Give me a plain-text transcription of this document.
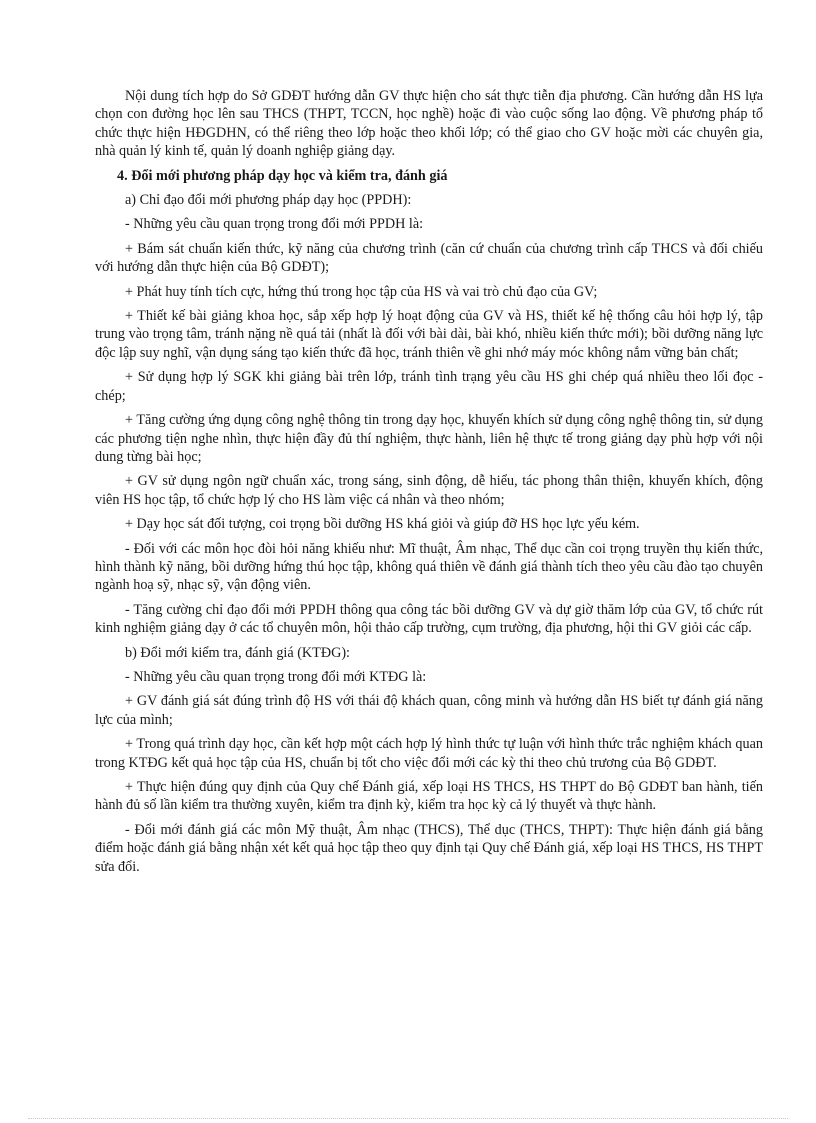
Nội dung tích hợp do Sở GDĐT hướng dẫn GV thực hiện cho sát thực tiễn địa phương. Cần hướng dẫn HS lựa chọn con đường học lên sau THCS (THPT, TCCN, học nghề) hoặc đi vào cuộc sống lao động. Về phương pháp tổ chức thực hiện HĐGDHN, có thể riêng theo lớp hoặc theo khối lớp; có thể giao cho GV hoặc mời các chuyên gia, nhà quản lý kinh tế, quản lý doanh nghiệp giảng dạy.

4. Đổi mới phương pháp dạy học và kiểm tra, đánh giá

a) Chỉ đạo đổi mới phương pháp dạy học (PPDH):

- Những yêu cầu quan trọng trong đổi mới PPDH là:

+ Bám sát chuẩn kiến thức, kỹ năng của chương trình (căn cứ chuẩn của chương trình cấp THCS và đối chiếu với hướng dẫn thực hiện của Bộ GDĐT);

+ Phát huy tính tích cực, hứng thú trong học tập của HS và vai trò chủ đạo của GV;

+ Thiết kế bài giảng khoa học, sắp xếp hợp lý hoạt động của GV và HS, thiết kế hệ thống câu hỏi hợp lý, tập trung vào trọng tâm, tránh nặng nề quá tải (nhất là đối với bài dài, bài khó, nhiều kiến thức mới); bồi dưỡng năng lực độc lập suy nghĩ, vận dụng sáng tạo kiến thức đã học, tránh thiên về ghi nhớ máy móc không nắm vững bản chất;

+ Sử dụng hợp lý SGK khi giảng bài trên lớp, tránh tình trạng yêu cầu HS ghi chép quá nhiều theo lối đọc - chép;

+ Tăng cường ứng dụng công nghệ thông tin trong dạy học, khuyến khích sử dụng công nghệ thông tin, sử dụng các phương tiện nghe nhìn, thực hiện đầy đủ thí nghiệm, thực hành, liên hệ thực tế trong giảng dạy phù hợp với nội dung từng bài học;

+ GV sử dụng ngôn ngữ chuẩn xác, trong sáng, sinh động, dễ hiểu, tác phong thân thiện, khuyến khích, động viên HS học tập, tổ chức hợp lý cho HS làm việc cá nhân và theo nhóm;

+ Dạy học sát đối tượng, coi trọng bồi dưỡng HS khá giỏi và giúp đỡ HS học lực yếu kém.

- Đối với các môn học đòi hỏi năng khiếu như: Mĩ thuật, Âm nhạc, Thể dục cần coi trọng truyền thụ kiến thức, hình thành kỹ năng, bồi dưỡng hứng thú học tập, không quá thiên về đánh giá thành tích theo yêu cầu đào tạo chuyên ngành hoạ sỹ, nhạc sỹ, vận động viên.

- Tăng cường chỉ đạo đổi mới PPDH thông qua công tác bồi dưỡng GV và dự giờ thăm lớp của GV, tổ chức rút kinh nghiệm giảng dạy ở các tổ chuyên môn, hội thảo cấp trường, cụm trường, địa phương, hội thi GV giỏi các cấp.

b) Đổi mới kiểm tra, đánh giá (KTĐG):

- Những yêu cầu quan trọng trong đổi mới KTĐG là:

+ GV đánh giá sát đúng trình độ HS với thái độ khách quan, công minh và hướng dẫn HS biết tự đánh giá năng lực của mình;

+ Trong quá trình dạy học, cần kết hợp một cách hợp lý hình thức tự luận với hình thức trắc nghiệm khách quan trong KTĐG kết quả học tập của HS, chuẩn bị tốt cho việc đổi mới các kỳ thi theo chủ trương của Bộ GDĐT.

+ Thực hiện đúng quy định của Quy chế Đánh giá, xếp loại HS THCS, HS THPT do Bộ GDĐT ban hành, tiến hành đủ số lần kiểm tra thường xuyên, kiểm tra định kỳ, kiểm tra học kỳ cả lý thuyết và thực hành.

- Đổi mới đánh giá các môn Mỹ thuật, Âm nhạc (THCS), Thể dục (THCS, THPT): Thực hiện đánh giá bằng điểm hoặc đánh giá bằng nhận xét kết quả học tập theo quy định tại Quy chế Đánh giá, xếp loại HS THCS, HS THPT sửa đổi.
